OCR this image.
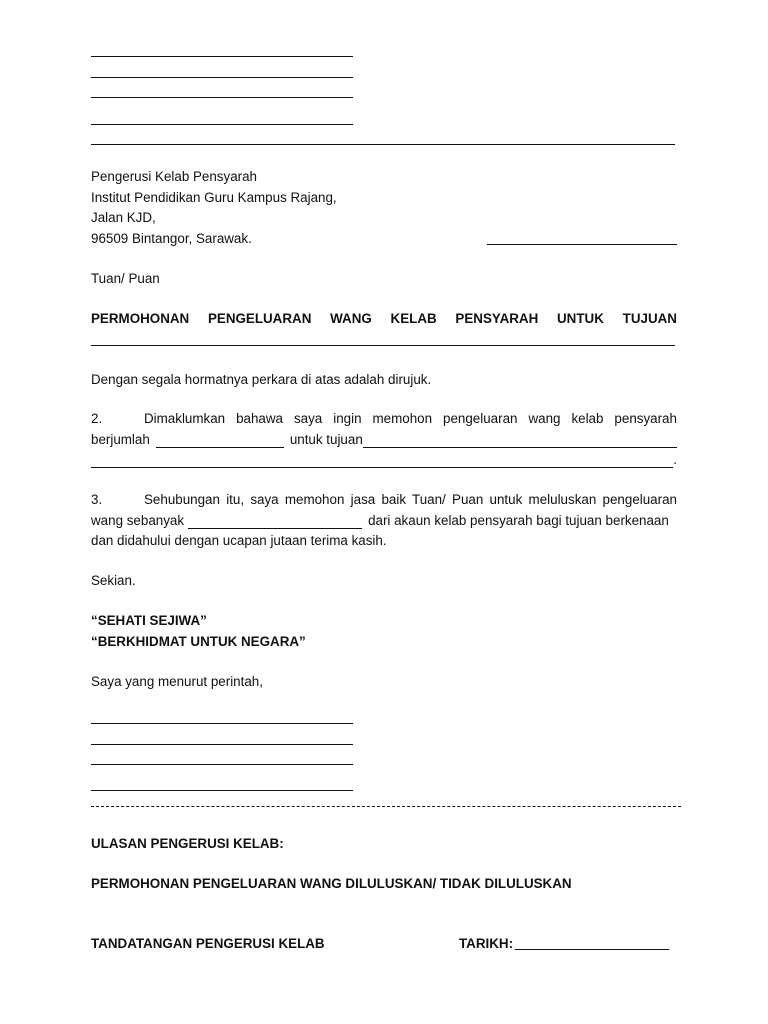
Pengerusi Kelab Pensyarah
Institut Pendidikan Guru Kampus Rajang,
Jalan KJD,
96509 Bintangor, Sarawak.
Tuan/ Puan
PERMOHONAN PENGELUARAN WANG KELAB PENSYARAH UNTUK TUJUAN
Dengan segala hormatnya perkara di atas adalah dirujuk.
2.	Dimaklumkan bahawa saya ingin memohon pengeluaran wang kelab pensyarah
berjumlah	untuk tujuan
.
3.	Sehubungan itu, saya memohon jasa baik Tuan/ Puan untuk meluluskan pengeluaran
wang sebanyak	dari akaun kelab pensyarah bagi tujuan berkenaan
dan didahului dengan ucapan jutaan terima kasih.
Sekian.
“SEHATI SEJIWA”
“BERKHIDMAT UNTUK NEGARA”
Saya yang menurut perintah,
ULASAN PENGERUSI KELAB:
PERMOHONAN PENGELUARAN WANG DILULUSKAN/ TIDAK DILULUSKAN
TANDATANGAN PENGERUSI KELAB	TARIKH:
